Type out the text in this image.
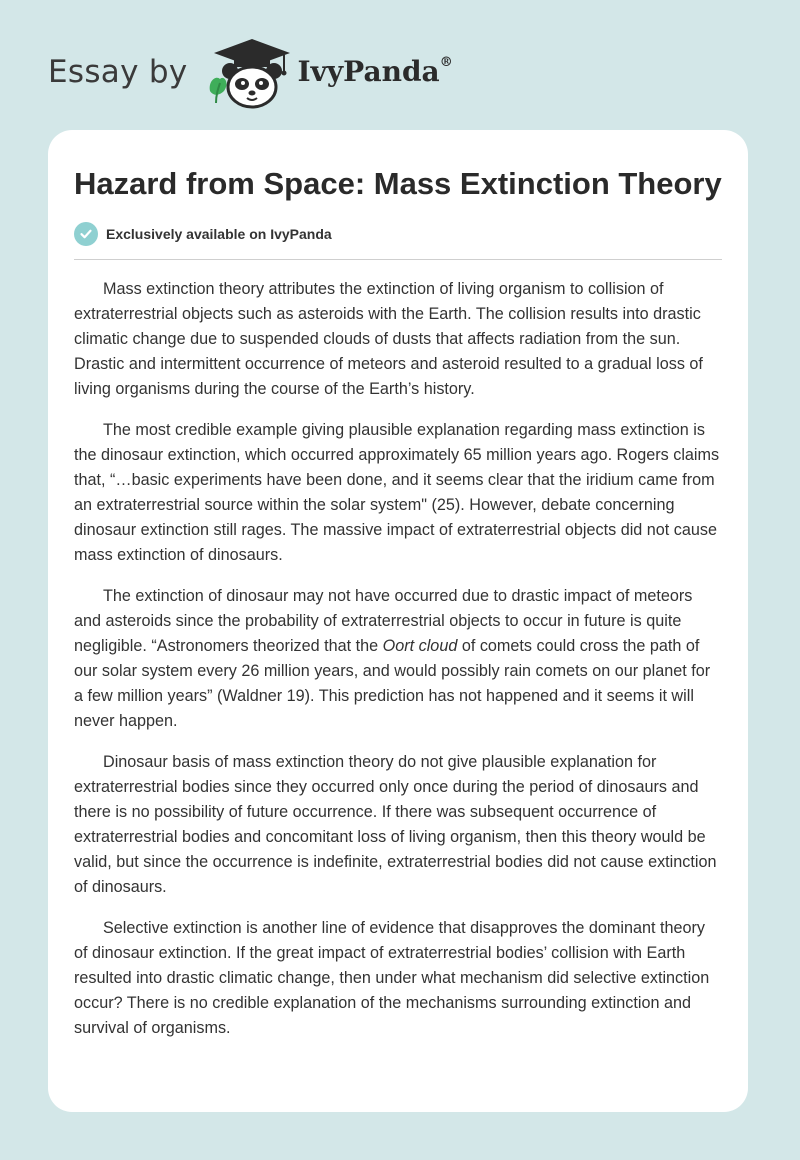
Essay by	IvyPanda®
Hazard from Space: Mass Extinction Theory
Exclusively available on IvyPanda

Mass extinction theory attributes the extinction of living organism to collision of extraterrestrial objects such as asteroids with the Earth. The collision results into drastic climatic change due to suspended clouds of dusts that affects radiation from the sun. Drastic and intermittent occurrence of meteors and asteroid resulted to a gradual loss of living organisms during the course of the Earth’s history.

The most credible example giving plausible explanation regarding mass extinction is the dinosaur extinction, which occurred approximately 65 million years ago. Rogers claims that, “…basic experiments have been done, and it seems clear that the iridium came from an extraterrestrial source within the solar system" (25). However, debate concerning dinosaur extinction still rages. The massive impact of extraterrestrial objects did not cause mass extinction of dinosaurs.

The extinction of dinosaur may not have occurred due to drastic impact of meteors and asteroids since the probability of extraterrestrial objects to occur in future is quite negligible. “Astronomers theorized that the Oort cloud of comets could cross the path of our solar system every 26 million years, and would possibly rain comets on our planet for a few million years” (Waldner 19). This prediction has not happened and it seems it will never happen.

Dinosaur basis of mass extinction theory do not give plausible explanation for extraterrestrial bodies since they occurred only once during the period of dinosaurs and there is no possibility of future occurrence. If there was subsequent occurrence of extraterrestrial bodies and concomitant loss of living organism, then this theory would be valid, but since the occurrence is indefinite, extraterrestrial bodies did not cause extinction of dinosaurs.

Selective extinction is another line of evidence that disapproves the dominant theory of dinosaur extinction. If the great impact of extraterrestrial bodies’ collision with Earth resulted into drastic climatic change, then under what mechanism did selective extinction occur? There is no credible explanation of the mechanisms surrounding extinction and survival of organisms.
